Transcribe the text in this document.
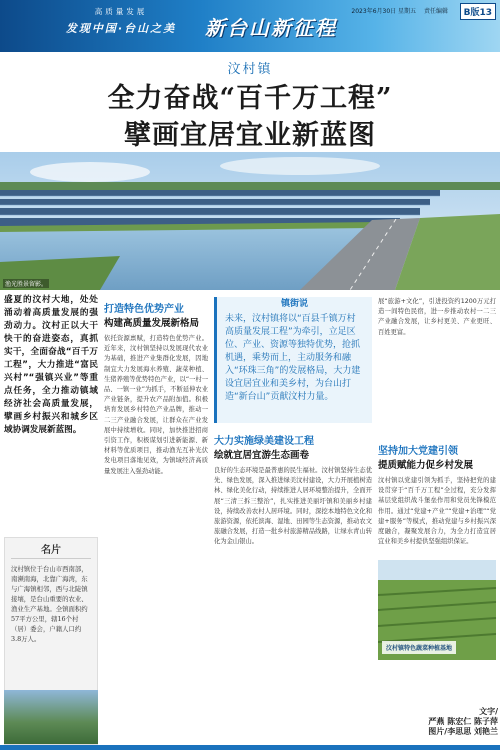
高质量发展
发现中国·台山之美	新台山新征程
B版13
2023年6月30日 星期五 责任编辑
汶村镇
全力奋战“百千万工程”
擘画宜居宜业新蓝图
渔光胜景留影。
盛夏的汶村大地，处处涌动着高质量发展的强劲动力。汶村正以大干快干的奋进姿态，真抓实干，全面奋战“百千万工程”，大力推进“富民兴村”“强镇兴业”等重点任务，全力推动镇域经济社会高质量发展，擘画乡村振兴和城乡区域协调发展新蓝图。
名片
汶村镇位于台山市西南部，南濒南海，北靠广海湾，东与广海镇相邻，西与北陡镇接壤，是台山重要的农业、渔业生产基地。全镇面积约57平方公里，辖16个村（居）委会，户籍人口约3.8万人。
打造特色优势产业
构建高质量发展新格局
依托资源禀赋，打造特色优势产业。近年来，汶村镇坚持以发展现代农业为基础，推进产业集群化发展，因地制宜大力发展海水养殖、蔬菜种植、生猪养殖等优势特色产业，以“一村一品、一镇一业”为抓手，不断延伸农业产业链条，提升农产品附加值。积极培育发展乡村特色产业品牌，推动一二三产业融合发展，让群众在产业发展中持续增收。同时，加快推进招商引资工作，积极谋划引进新能源、新材料等优质项目，推动渔光互补光伏发电项目落地见效，为镇域经济高质量发展注入强劲动能。
镇街说
未来，汶村镇将以“百县千镇万村高质量发展工程”为牵引，立足区位、产业、资源等独特优势，抢抓机遇，乘势而上，主动服务和融入“环珠三角”的发展格局，大力建设宜居宜业和美乡村，为台山打造“新台山”贡献汶村力量。
大力实施绿美建设工程
绘就宜居宜游生态画卷
良好的生态环境是最普惠的民生福祉。汶村镇坚持生态优先、绿色发展，深入推进绿美汶村建设，大力开展植树造林、绿化美化行动，持续推进人居环境整治提升，全面开展“三清三拆三整治”，扎实推进美丽圩镇和美丽乡村建设，持续改善农村人居环境。同时，深挖本地特色文化和旅游资源，依托滨海、湿地、田园等生态资源，推动农文旅融合发展，打造一批乡村旅游精品线路，让绿水青山转化为金山银山。
展“旅游+文化”，引进投资约1200万元打造一间特色民宿，进一步推动农村一二三产业融合发展，让乡村更美、产业更旺、百姓更富。
坚持加大党建引领
提质赋能力促乡村发展
汶村镇以党建引领为抓手，坚持把党的建设贯穿于“百千万工程”全过程，充分发挥基层党组织战斗堡垒作用和党员先锋模范作用。通过“党建+产业”“党建+治理”“党建+服务”等模式，推动党建与乡村振兴深度融合，凝聚发展合力，为全力打造宜居宜业和美乡村提供坚强组织保证。
汶村镇特色蔬菜种植基地
文字/
严燕 陈宏仁 陈子萍
图片/李思思 刘艳兰
